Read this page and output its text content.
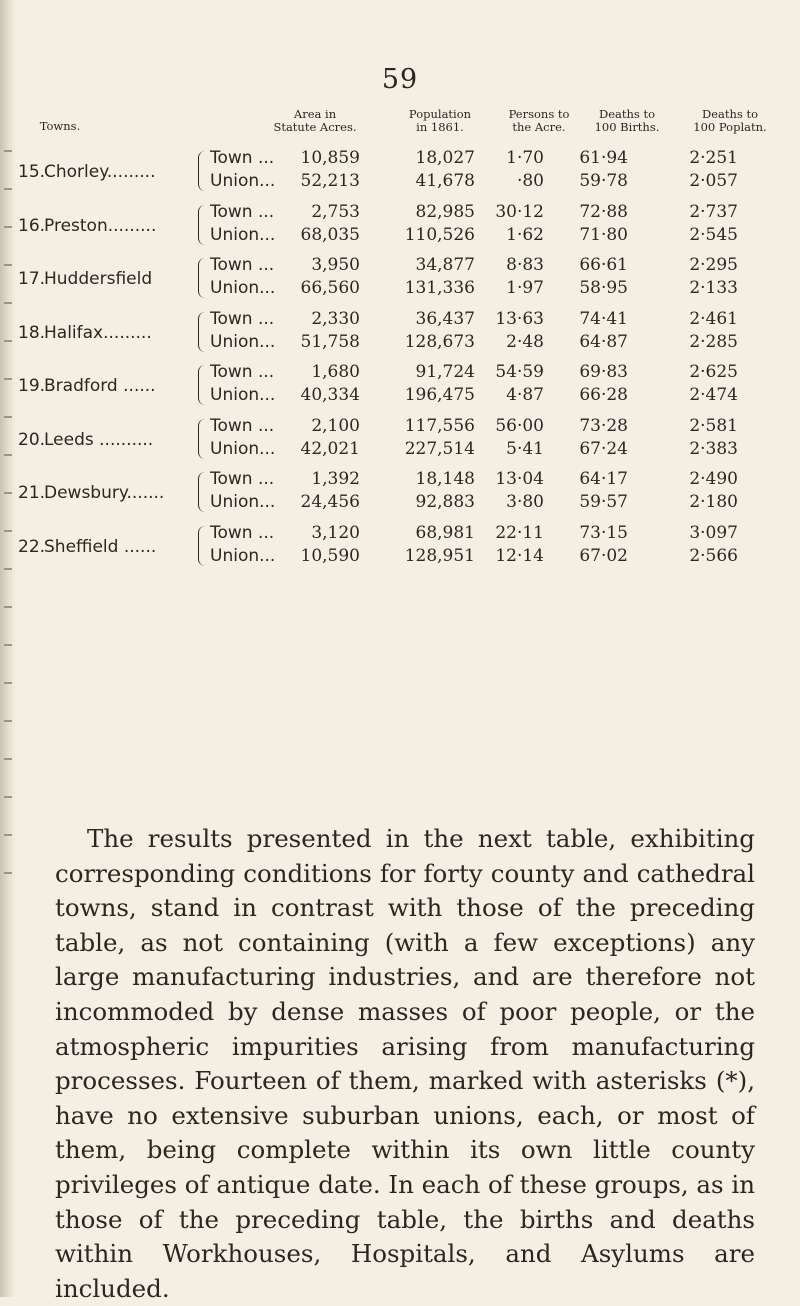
59
Towns.
Area in
Statute Acres.
Population
in 1861.
Persons to
the Acre.
Deaths to
100 Births.
Deaths to
100 Poplatn.
15.
Chorley.........
Town ...	10,859	18,027	1·70	61·94	2·251
Union...	52,213	41,678	·80	59·78	2·057
16.
Preston.........
Town ...	2,753	82,985	30·12	72·88	2·737
Union...	68,035	110,526	1·62	71·80	2·545
17.
Huddersfield
Town ...	3,950	34,877	8·83	66·61	2·295
Union...	66,560	131,336	1·97	58·95	2·133
18.
Halifax.........
Town ...	2,330	36,437	13·63	74·41	2·461
Union...	51,758	128,673	2·48	64·87	2·285
19.
Bradford ......
Town ...	1,680	91,724	54·59	69·83	2·625
Union...	40,334	196,475	4·87	66·28	2·474
20.
Leeds ..........
Town ...	2,100	117,556	56·00	73·28	2·581
Union...	42,021	227,514	5·41	67·24	2·383
21.
Dewsbury.......
Town ...	1,392	18,148	13·04	64·17	2·490
Union...	24,456	92,883	3·80	59·57	2·180
22.
Sheffield ......
Town ...	3,120	68,981	22·11	73·15	3·097
Union...	10,590	128,951	12·14	67·02	2·566

The results presented in the next table, exhibiting corresponding conditions for forty county and cathedral towns, stand in contrast with those of the preceding table, as not containing (with a few exceptions) any large manufacturing industries, and are therefore not incommoded by dense masses of poor people, or the atmospheric impurities arising from manufacturing processes. Fourteen of them, marked with asterisks (*), have no extensive suburban unions, each, or most of them, being complete within its own little county privileges of antique date. In each of these groups, as in those of the preceding table, the births and deaths within Workhouses, Hospitals, and Asylums are included.
